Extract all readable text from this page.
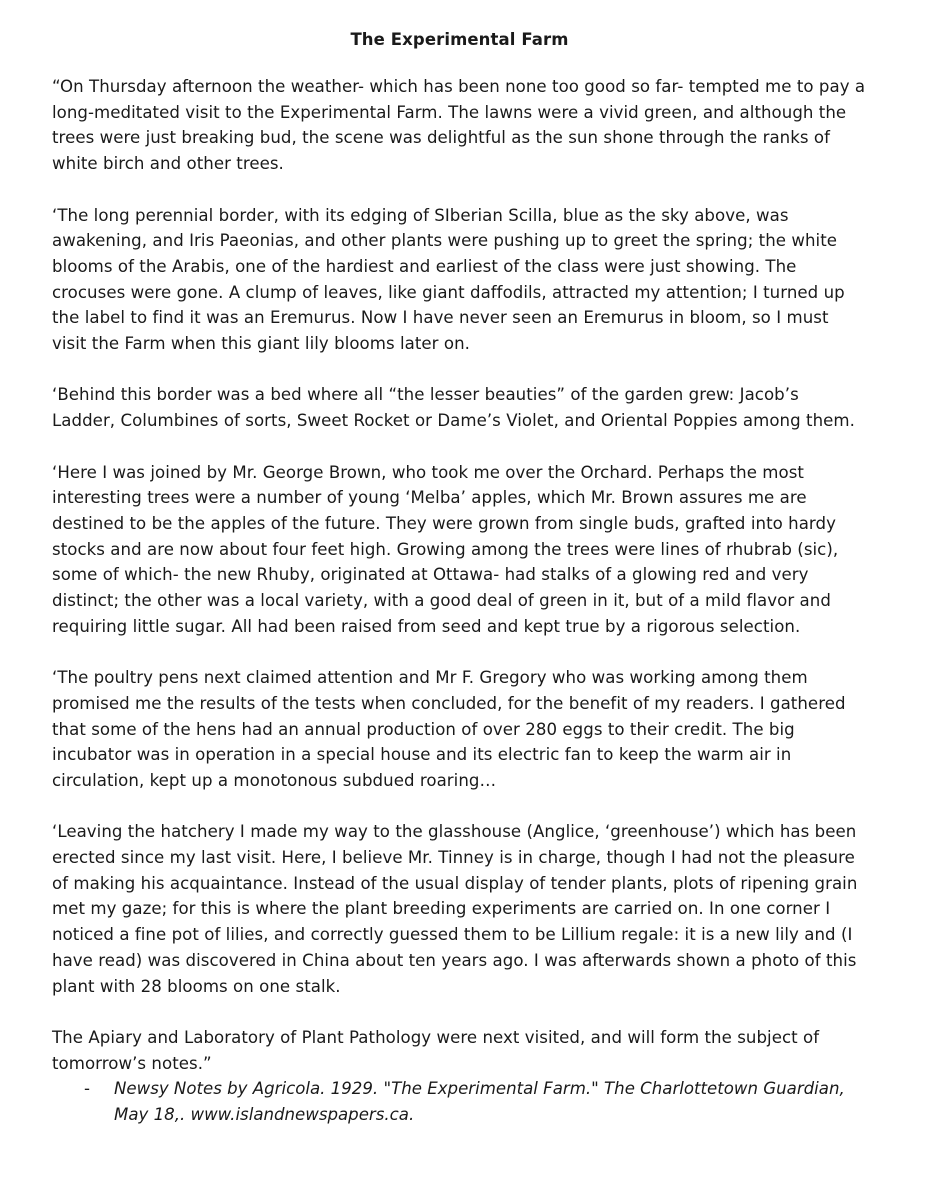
The Experimental Farm

“On Thursday afternoon the weather- which has been none too good so far- tempted me to pay a long-meditated visit to the Experimental Farm. The lawns were a vivid green, and although the trees were just breaking bud, the scene was delightful as the sun shone through the ranks of white birch and other trees.

‘The long perennial border, with its edging of SIberian Scilla, blue as the sky above, was awakening, and Iris Paeonias, and other plants were pushing up to greet the spring; the white blooms of the Arabis, one of the hardiest and earliest of the class were just showing. The crocuses were gone. A clump of leaves, like giant daffodils, attracted my attention; I turned up the label to find it was an Eremurus. Now I have never seen an Eremurus in bloom, so I must visit the Farm when this giant lily blooms later on.

‘Behind this border was a bed where all “the lesser beauties” of the garden grew: Jacob’s Ladder, Columbines of sorts, Sweet Rocket or Dame’s Violet, and Oriental Poppies among them.

‘Here I was joined by Mr. George Brown, who took me over the Orchard. Perhaps the most interesting trees were a number of young ‘Melba’ apples, which Mr. Brown assures me are destined to be the apples of the future. They were grown from single buds, grafted into hardy stocks and are now about four feet high. Growing among the trees were lines of rhubrab (sic), some of which- the new Rhuby, originated at Ottawa- had stalks of a glowing red and very distinct; the other was a local variety, with a good deal of green in it, but of a mild flavor and requiring little sugar. All had been raised from seed and kept true by a rigorous selection.

‘The poultry pens next claimed attention and Mr F. Gregory who was working among them promised me the results of the tests when concluded, for the benefit of my readers. I gathered that some of the hens had an annual production of over 280 eggs to their credit. The big incubator was in operation in a special house and its electric fan to keep the warm air in circulation, kept up a monotonous subdued roaring…

‘Leaving the hatchery I made my way to the glasshouse (Anglice, ‘greenhouse’) which has been erected since my last visit. Here, I believe Mr. Tinney is in charge, though I had not the pleasure of making his acquaintance. Instead of the usual display of tender plants, plots of ripening grain met my gaze; for this is where the plant breeding experiments are carried on. In one corner I noticed a fine pot of lilies, and correctly guessed them to be Lillium regale: it is a new lily and (I have read) was discovered in China about ten years ago. I was afterwards shown a photo of this plant with 28 blooms on one stalk.

The Apiary and Laboratory of Plant Pathology were next visited, and will form the subject of tomorrow’s notes.”

-	Newsy Notes by Agricola. 1929. "The Experimental Farm." The Charlottetown Guardian, May 18,. www.islandnewspapers.ca.
